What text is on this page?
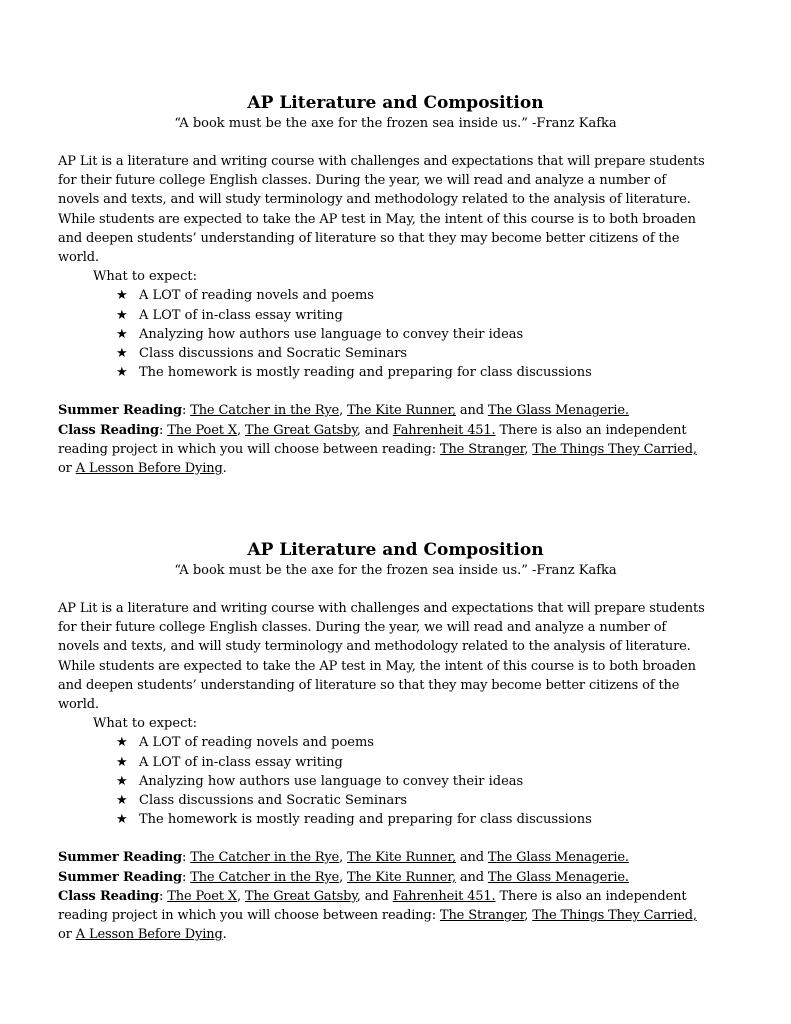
AP Literature and Composition

“A book must be the axe for the frozen sea inside us.” -Franz Kafka

AP Lit is a literature and writing course with challenges and expectations that will prepare students for their future college English classes. During the year, we will read and analyze a number of novels and texts, and will study terminology and methodology related to the analysis of literature. While students are expected to take the AP test in May, the intent of this course is to both broaden and deepen students’ understanding of literature so that they may become better citizens of the world.

What to expect:

★ A LOT of reading novels and poems
★ A LOT of in-class essay writing
★ Analyzing how authors use language to convey their ideas
★ Class discussions and Socratic Seminars
★ The homework is mostly reading and preparing for class discussions

Summer Reading: The Catcher in the Rye, The Kite Runner, and The Glass Menagerie.

Class Reading: The Poet X, The Great Gatsby, and Fahrenheit 451. There is also an independent reading project in which you will choose between reading: The Stranger, The Things They Carried, or A Lesson Before Dying.

AP Literature and Composition

“A book must be the axe for the frozen sea inside us.” -Franz Kafka

AP Lit is a literature and writing course with challenges and expectations that will prepare students for their future college English classes. During the year, we will read and analyze a number of novels and texts, and will study terminology and methodology related to the analysis of literature. While students are expected to take the AP test in May, the intent of this course is to both broaden and deepen students’ understanding of literature so that they may become better citizens of the world.

What to expect:

★ A LOT of reading novels and poems
★ A LOT of in-class essay writing
★ Analyzing how authors use language to convey their ideas
★ Class discussions and Socratic Seminars
★ The homework is mostly reading and preparing for class discussions

Summer Reading: The Catcher in the Rye, The Kite Runner, and The Glass Menagerie.

Summer Reading: The Catcher in the Rye, The Kite Runner, and The Glass Menagerie.

Class Reading: The Poet X, The Great Gatsby, and Fahrenheit 451. There is also an independent reading project in which you will choose between reading: The Stranger, The Things They Carried, or A Lesson Before Dying.
